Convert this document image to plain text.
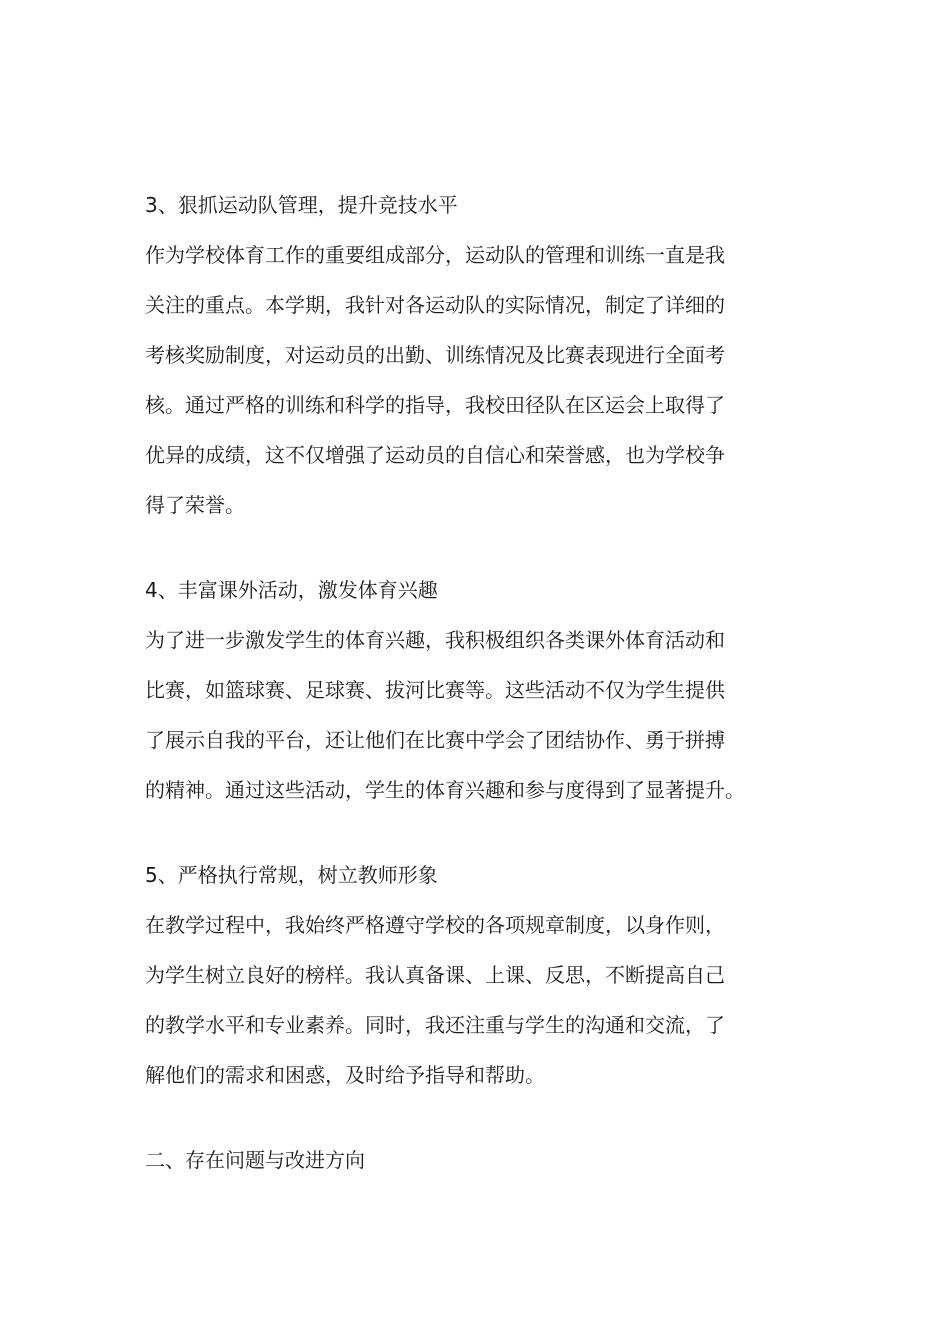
3、狠抓运动队管理，提升竞技水平

作为学校体育工作的重要组成部分，运动队的管理和训练一直是我

关注的重点。本学期，我针对各运动队的实际情况，制定了详细的

考核奖励制度，对运动员的出勤、训练情况及比赛表现进行全面考

核。通过严格的训练和科学的指导，我校田径队在区运会上取得了

优异的成绩，这不仅增强了运动员的自信心和荣誉感，也为学校争

得了荣誉。

4、丰富课外活动，激发体育兴趣

为了进一步激发学生的体育兴趣，我积极组织各类课外体育活动和

比赛，如篮球赛、足球赛、拔河比赛等。这些活动不仅为学生提供

了展示自我的平台，还让他们在比赛中学会了团结协作、勇于拼搏

的精神。通过这些活动，学生的体育兴趣和参与度得到了显著提升。

5、严格执行常规，树立教师形象

在教学过程中，我始终严格遵守学校的各项规章制度，以身作则，

为学生树立良好的榜样。我认真备课、上课、反思，不断提高自己

的教学水平和专业素养。同时，我还注重与学生的沟通和交流，了

解他们的需求和困惑，及时给予指导和帮助。

二、存在问题与改进方向
